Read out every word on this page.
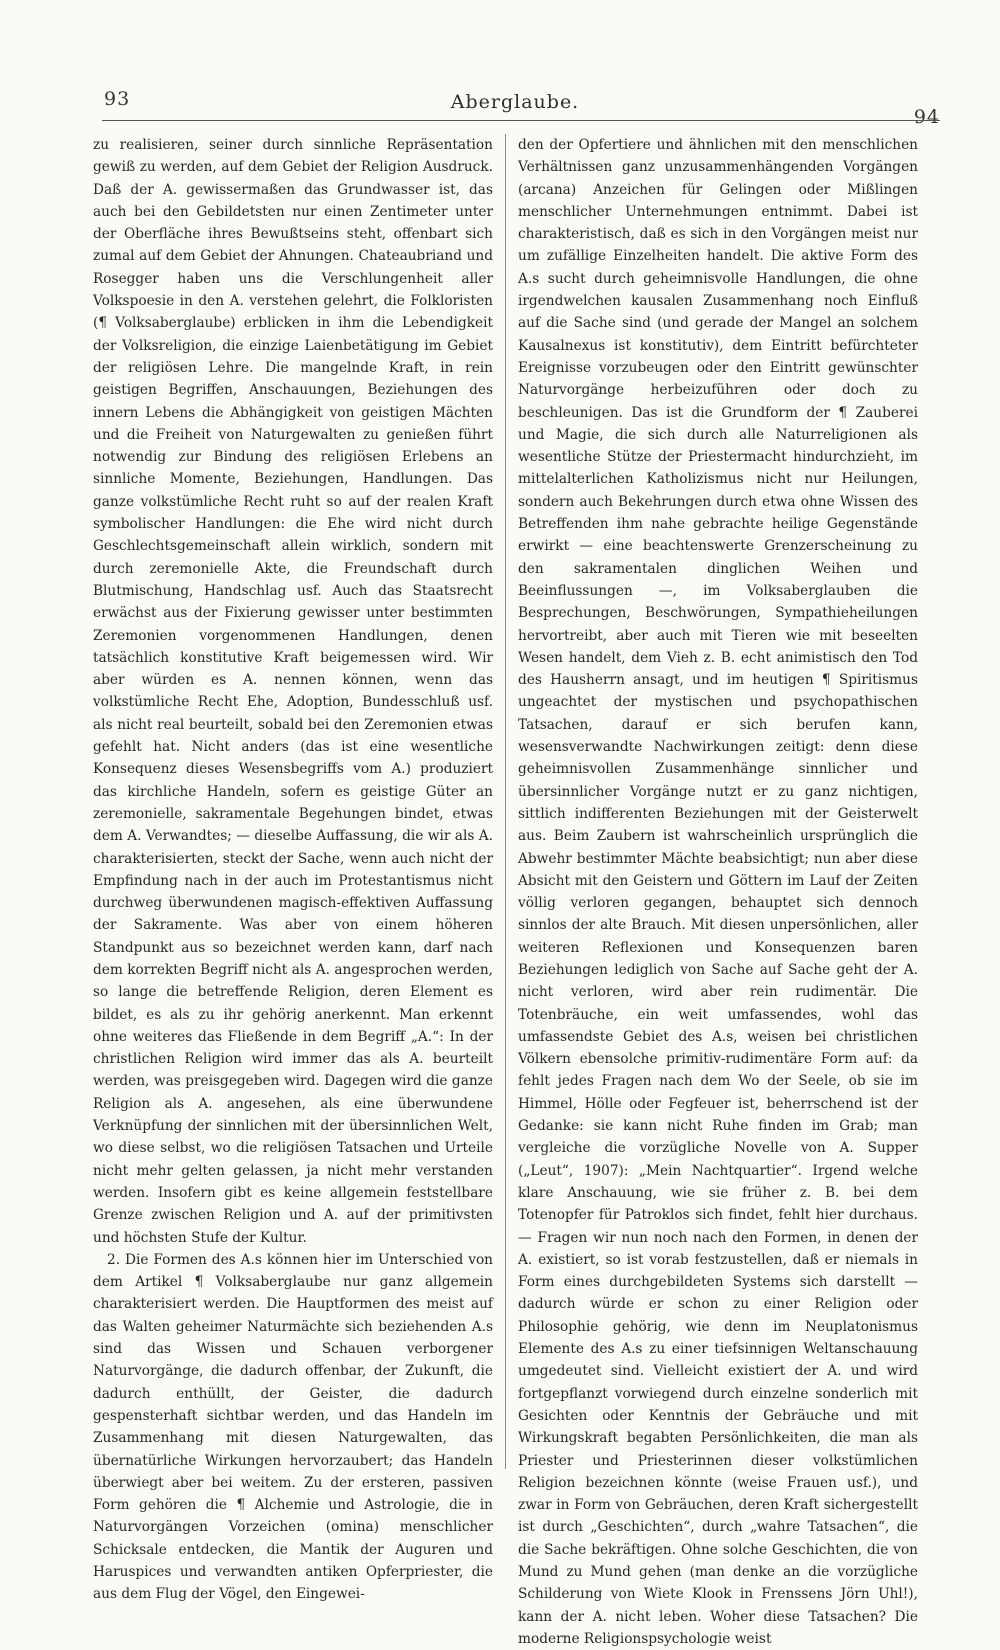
93	Aberglaube.
94

zu realisieren, seiner durch sinnliche Repräsentation gewiß zu werden, auf dem Gebiet der Religion Ausdruck. Daß der A. gewissermaßen das Grundwasser ist, das auch bei den Gebildetsten nur einen Zentimeter unter der Oberfläche ihres Bewußtseins steht, offenbart sich zumal auf dem Gebiet der Ahnungen. Chateaubriand und Rosegger haben uns die Verschlungenheit aller Volkspoesie in den A. verstehen gelehrt, die Folkloristen (¶ Volksaberglaube) erblicken in ihm die Lebendigkeit der Volksreligion, die einzige Laienbetätigung im Gebiet der religiösen Lehre. Die mangelnde Kraft, in rein geistigen Begriffen, Anschauungen, Beziehungen des innern Lebens die Abhängigkeit von geistigen Mächten und die Freiheit von Naturgewalten zu genießen führt notwendig zur Bindung des religiösen Erlebens an sinnliche Momente, Beziehungen, Handlungen. Das ganze volkstümliche Recht ruht so auf der realen Kraft symbolischer Handlungen: die Ehe wird nicht durch Geschlechtsgemeinschaft allein wirklich, sondern mit durch zeremonielle Akte, die Freundschaft durch Blutmischung, Handschlag usf. Auch das Staatsrecht erwächst aus der Fixierung gewisser unter bestimmten Zeremonien vorgenommenen Handlungen, denen tatsächlich konstitutive Kraft beigemessen wird. Wir aber würden es A. nennen können, wenn das volkstümliche Recht Ehe, Adoption, Bundesschluß usf. als nicht real beurteilt, sobald bei den Zeremonien etwas gefehlt hat. Nicht anders (das ist eine wesentliche Konsequenz dieses Wesensbegriffs vom A.) produziert das kirchliche Handeln, sofern es geistige Güter an zeremonielle, sakramentale Begehungen bindet, etwas dem A. Verwandtes; — dieselbe Auffassung, die wir als A. charakterisierten, steckt der Sache, wenn auch nicht der Empfindung nach in der auch im Protestantismus nicht durchweg überwundenen magisch-effektiven Auffassung der Sakramente. Was aber von einem höheren Standpunkt aus so bezeichnet werden kann, darf nach dem korrekten Begriff nicht als A. angesprochen werden, so lange die betreffende Religion, deren Element es bildet, es als zu ihr gehörig anerkennt. Man erkennt ohne weiteres das Fließende in dem Begriff „A.“: In der christlichen Religion wird immer das als A. beurteilt werden, was preisgegeben wird. Dagegen wird die ganze Religion als A. angesehen, als eine überwundene Verknüpfung der sinnlichen mit der übersinnlichen Welt, wo diese selbst, wo die religiösen Tatsachen und Urteile nicht mehr gelten gelassen, ja nicht mehr verstanden werden. Insofern gibt es keine allgemein feststellbare Grenze zwischen Religion und A. auf der primitivsten und höchsten Stufe der Kultur.

2. Die Formen des A.s können hier im Unterschied von dem Artikel ¶ Volksaberglaube nur ganz allgemein charakterisiert werden. Die Hauptformen des meist auf das Walten geheimer Naturmächte sich beziehenden A.s sind das Wissen und Schauen verborgener Naturvorgänge, die dadurch offenbar, der Zukunft, die dadurch enthüllt, der Geister, die dadurch gespensterhaft sichtbar werden, und das Handeln im Zusammenhang mit diesen Naturgewalten, das übernatürliche Wirkungen hervorzaubert; das Handeln überwiegt aber bei weitem. Zu der ersteren, passiven Form gehören die ¶ Alchemie und Astrologie, die in Naturvorgängen Vorzeichen (omina) menschlicher Schicksale entdecken, die Mantik der Auguren und Haruspices und verwandten antiken Opferpriester, die aus dem Flug der Vögel, den Eingewei-

den der Opfertiere und ähnlichen mit den menschlichen Verhältnissen ganz unzusammenhängenden Vorgängen (arcana) Anzeichen für Gelingen oder Mißlingen menschlicher Unternehmungen entnimmt. Dabei ist charakteristisch, daß es sich in den Vorgängen meist nur um zufällige Einzelheiten handelt. Die aktive Form des A.s sucht durch geheimnisvolle Handlungen, die ohne irgendwelchen kausalen Zusammenhang noch Einfluß auf die Sache sind (und gerade der Mangel an solchem Kausalnexus ist konstitutiv), dem Eintritt befürchteter Ereignisse vorzubeugen oder den Eintritt gewünschter Naturvorgänge herbeizuführen oder doch zu beschleunigen. Das ist die Grundform der ¶ Zauberei und Magie, die sich durch alle Naturreligionen als wesentliche Stütze der Priestermacht hindurchzieht, im mittelalterlichen Katholizismus nicht nur Heilungen, sondern auch Bekehrungen durch etwa ohne Wissen des Betreffenden ihm nahe gebrachte heilige Gegenstände erwirkt — eine beachtenswerte Grenzerscheinung zu den sakramentalen dinglichen Weihen und Beeinflussungen —, im Volksaberglauben die Besprechungen, Beschwörungen, Sympathieheilungen hervortreibt, aber auch mit Tieren wie mit beseelten Wesen handelt, dem Vieh z. B. echt animistisch den Tod des Hausherrn ansagt, und im heutigen ¶ Spiritismus ungeachtet der mystischen und psychopathischen Tatsachen, darauf er sich berufen kann, wesensverwandte Nachwirkungen zeitigt: denn diese geheimnisvollen Zusammenhänge sinnlicher und übersinnlicher Vorgänge nutzt er zu ganz nichtigen, sittlich indifferenten Beziehungen mit der Geisterwelt aus. Beim Zaubern ist wahrscheinlich ursprünglich die Abwehr bestimmter Mächte beabsichtigt; nun aber diese Absicht mit den Geistern und Göttern im Lauf der Zeiten völlig verloren gegangen, behauptet sich dennoch sinnlos der alte Brauch. Mit diesen unpersönlichen, aller weiteren Reflexionen und Konsequenzen baren Beziehungen lediglich von Sache auf Sache geht der A. nicht verloren, wird aber rein rudimentär. Die Totenbräuche, ein weit umfassendes, wohl das umfassendste Gebiet des A.s, weisen bei christlichen Völkern ebensolche primitiv-rudimentäre Form auf: da fehlt jedes Fragen nach dem Wo der Seele, ob sie im Himmel, Hölle oder Fegfeuer ist, beherrschend ist der Gedanke: sie kann nicht Ruhe finden im Grab; man vergleiche die vorzügliche Novelle von A. Supper („Leut“, 1907): „Mein Nachtquartier“. Irgend welche klare Anschauung, wie sie früher z. B. bei dem Totenopfer für Patroklos sich findet, fehlt hier durchaus. — Fragen wir nun noch nach den Formen, in denen der A. existiert, so ist vorab festzustellen, daß er niemals in Form eines durchgebildeten Systems sich darstellt — dadurch würde er schon zu einer Religion oder Philosophie gehörig, wie denn im Neuplatonismus Elemente des A.s zu einer tiefsinnigen Weltanschauung umgedeutet sind. Vielleicht existiert der A. und wird fortgepflanzt vorwiegend durch einzelne sonderlich mit Gesichten oder Kenntnis der Gebräuche und mit Wirkungskraft begabten Persönlichkeiten, die man als Priester und Priesterinnen dieser volkstümlichen Religion bezeichnen könnte (weise Frauen usf.), und zwar in Form von Gebräuchen, deren Kraft sichergestellt ist durch „Geschichten“, durch „wahre Tatsachen“, die die Sache bekräftigen. Ohne solche Geschichten, die von Mund zu Mund gehen (man denke an die vorzügliche Schilderung von Wiete Klook in Frenssens Jörn Uhl!), kann der A. nicht leben. Woher diese Tatsachen? Die moderne Religionspsychologie weist
